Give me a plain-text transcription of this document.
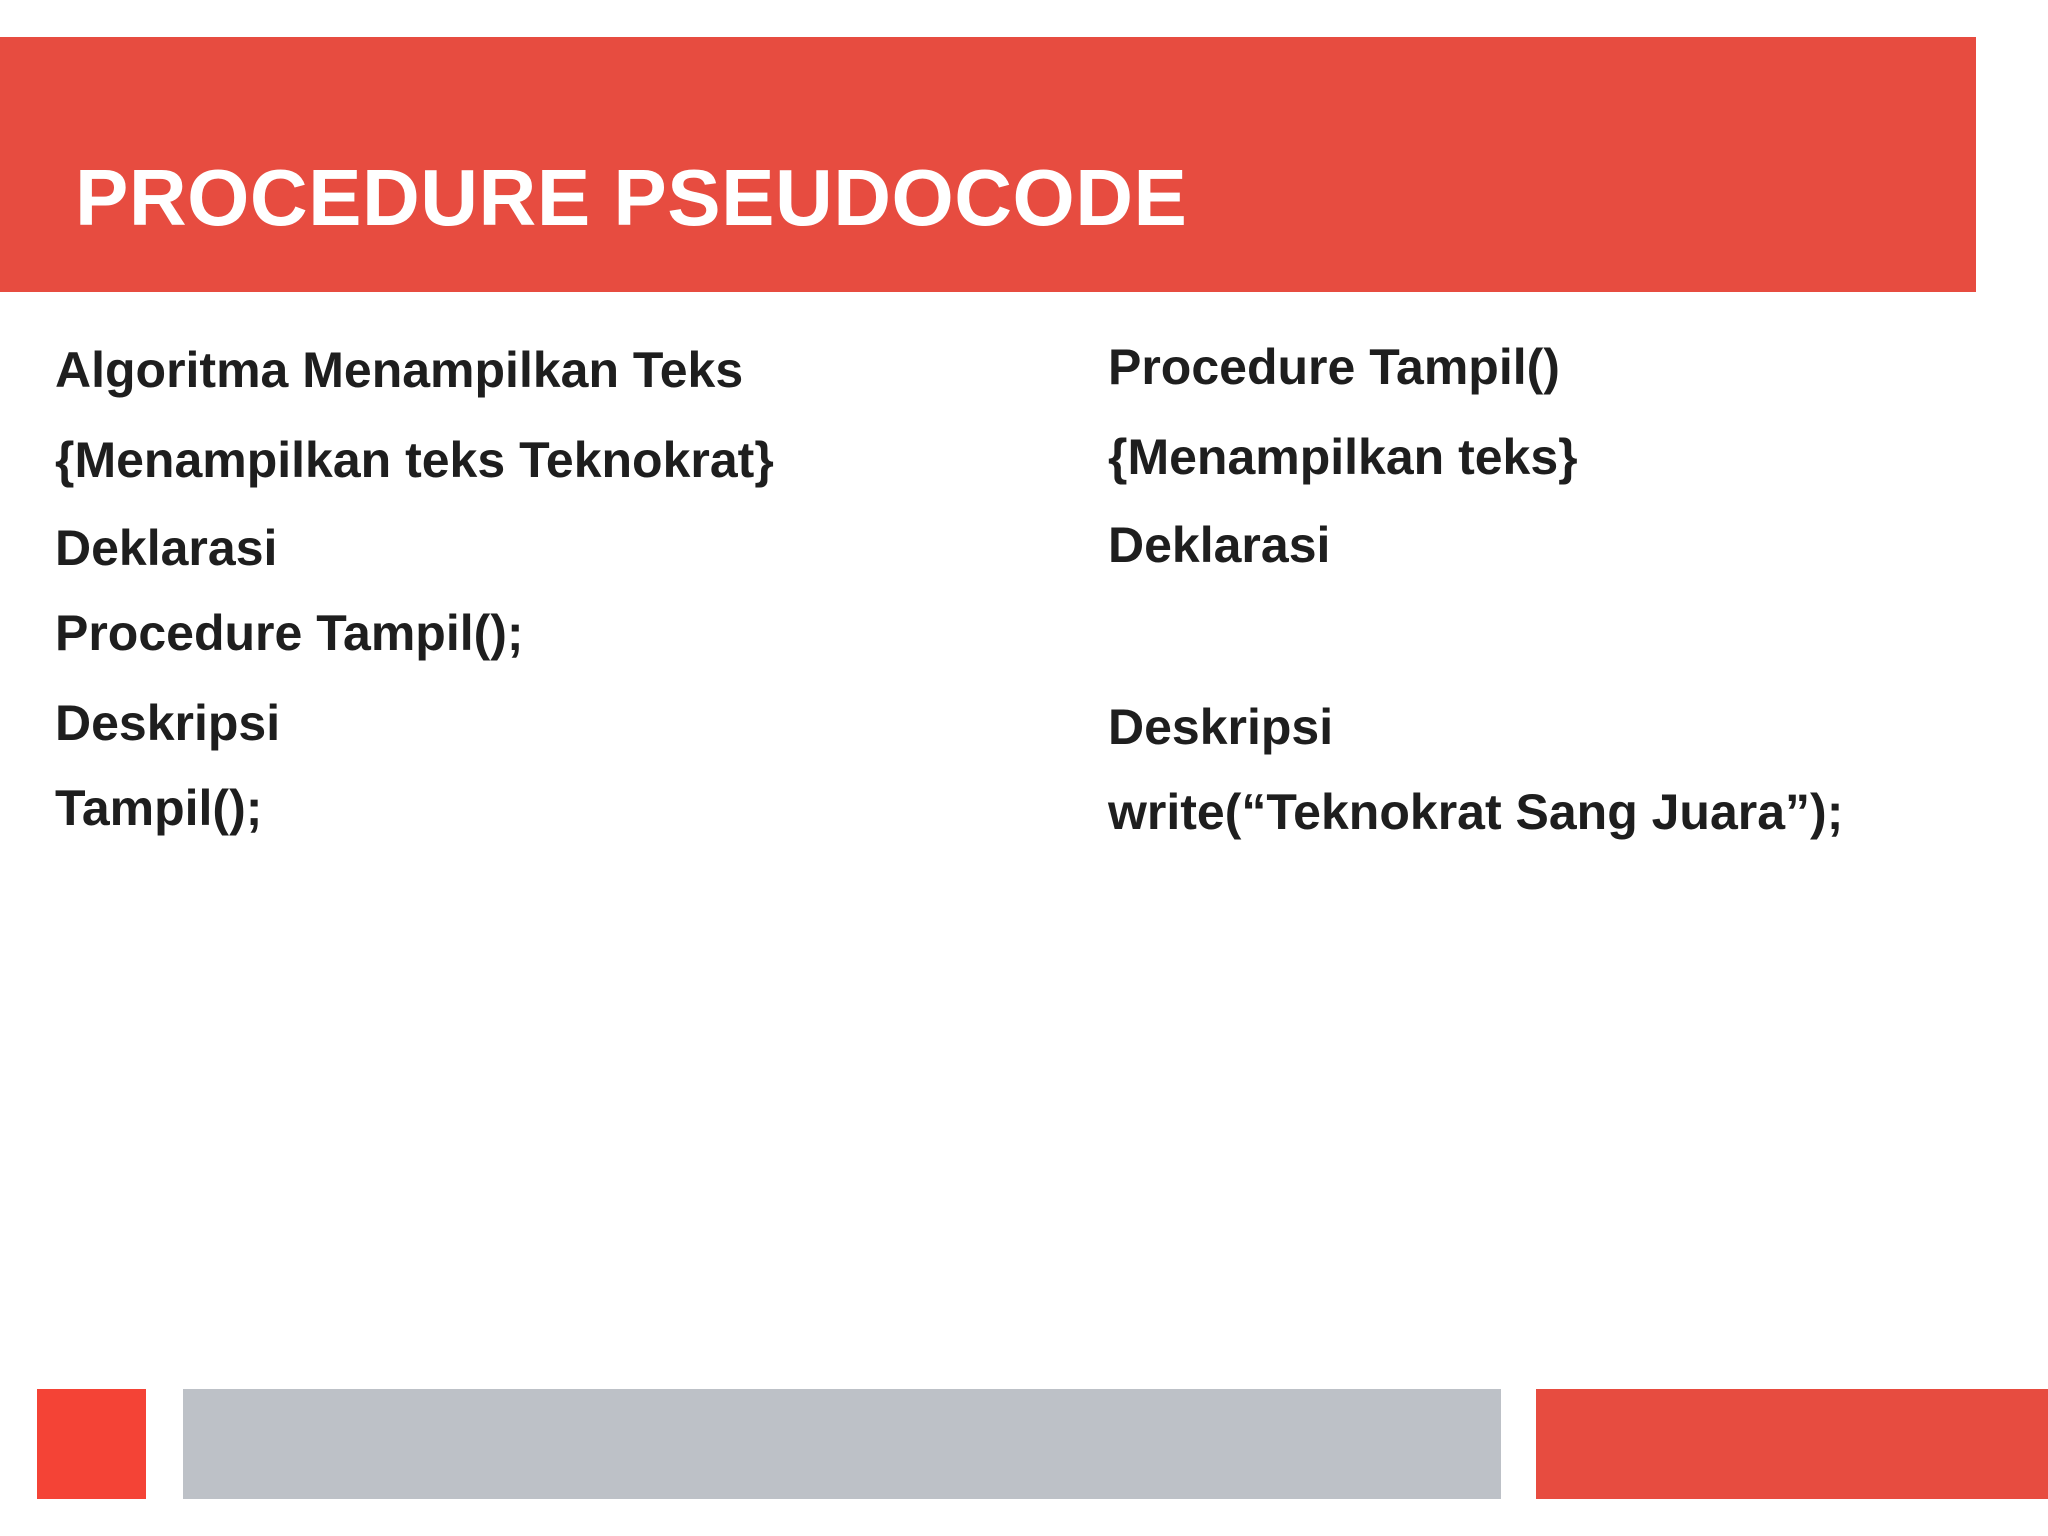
PROCEDURE PSEUDOCODE

Algoritma Menampilkan Teks

{Menampilkan teks Teknokrat}

Deklarasi

Procedure Tampil();

Deskripsi

Tampil();

Procedure Tampil()

{Menampilkan teks}

Deklarasi

Deskripsi

write(“Teknokrat Sang Juara”);
